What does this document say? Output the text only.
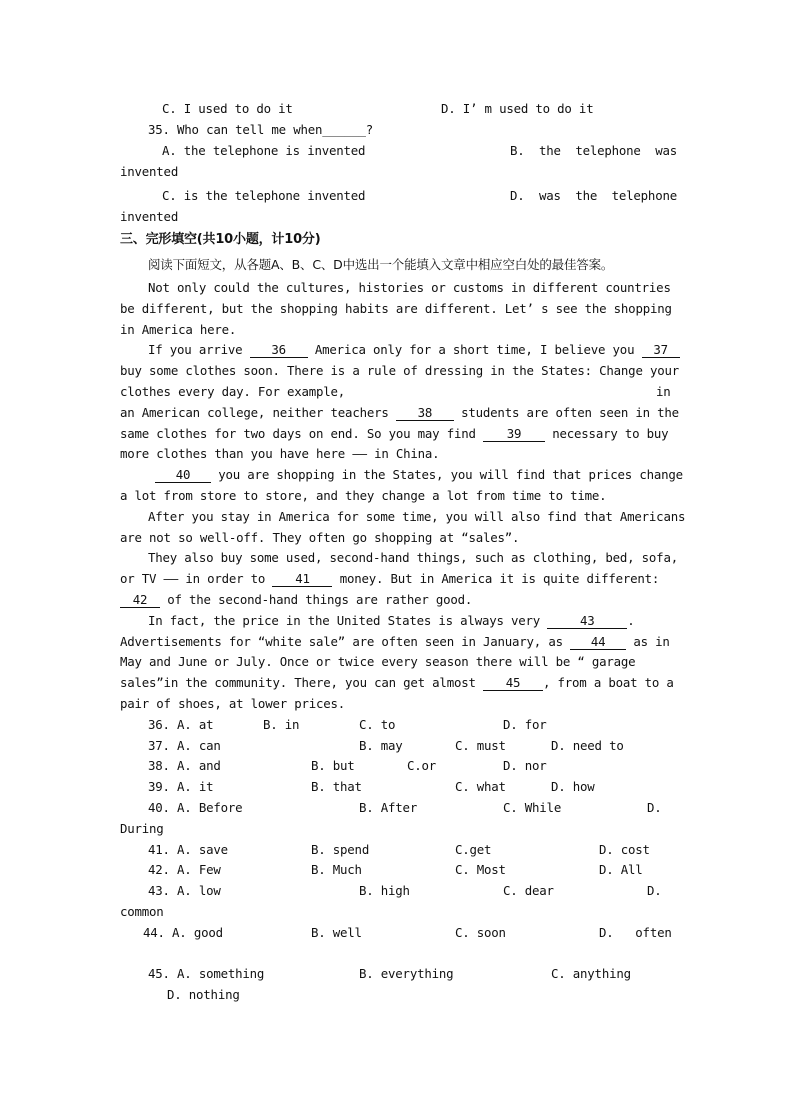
C. I used to do it	D. I’ m used to do it
35. Who can tell me when______?
A. the telephone is invented	B.  the  telephone  was
invented
C. is the telephone invented	D.  was  the  telephone
invented
三、完形填空(共10小题，计10分)
阅读下面短文，从各题A、B、C、D中选出一个能填入文章中相应空白处的最佳答案。
Not only could the cultures, histories or customs in different countries
be different, but the shopping habits are different. Let’ s see the shopping
in America here.
If you arrive 36 America only for a short time, I believe you 37
buy some clothes soon. There is a rule of dressing in the States: Change your
clothes every day. For example,	in
an American college, neither teachers 38 students are often seen in the
same clothes for two days on end. So you may find 39 necessary to buy
more clothes than you have here ―― in China.
40 you are shopping in the States, you will find that prices change
a lot from store to store, and they change a lot from time to time.
After you stay in America for some time, you will also find that Americans
are not so well-off. They often go shopping at “sales”.
They also buy some used, second-hand things, such as clothing, bed, sofa,
or TV ―― in order to 41 money. But in America it is quite different:
42 of the second-hand things are rather good.
In fact, the price in the United States is always very	43	.
Advertisements for “white sale” are often seen in January, as 44 as in
May and June or July. Once or twice every season there will be “ garage
sales”in the community. There, you can get almost 45 , from a boat to a
pair of shoes, at lower prices.
36. A. at	B. in	C. to	D. for
37. A. can	B. may	C. must	D. need to
38. A. and	B. but	C.or	D. nor
39. A. it	B. that	C. what	D. how
40. A. Before	B. After	C. While	D.
During
41. A. save	B. spend	C.get	D. cost
42. A. Few	B. Much	C. Most	D. All
43. A. low	B. high	C. dear	D.
common
44. A. good	B. well	C. soon	D.   often
45. A. something	B. everything	C. anything
D. nothing
